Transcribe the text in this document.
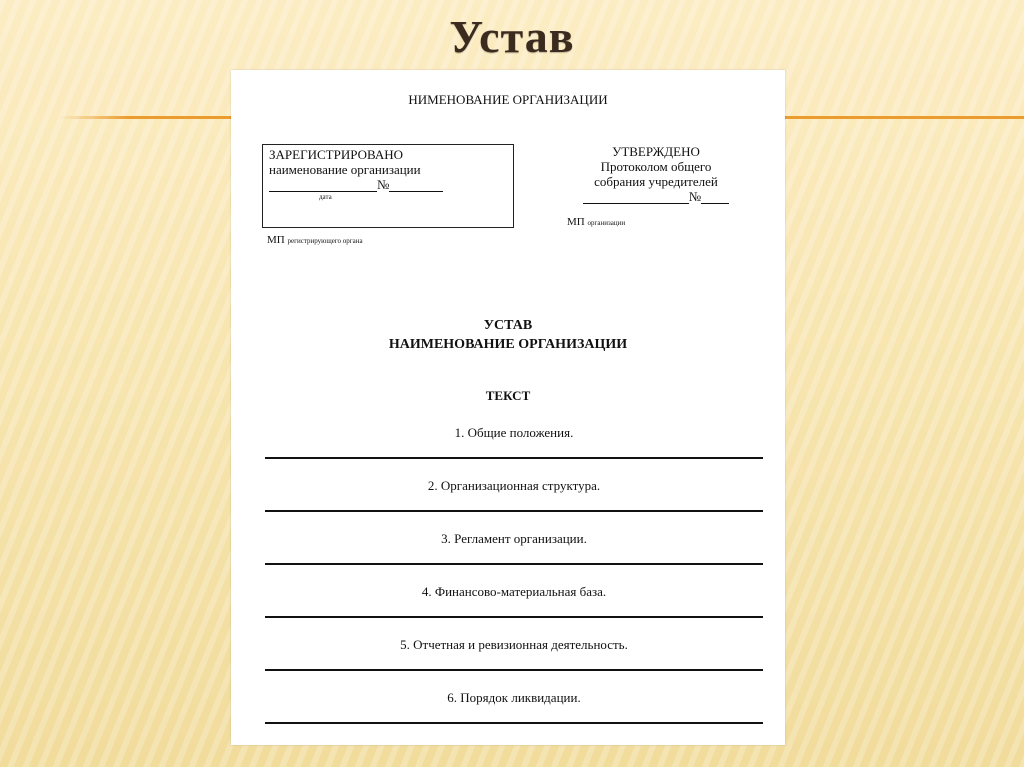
Устав
НИМЕНОВАНИЕ ОРГАНИЗАЦИИ
ЗАРЕГИСТРИРОВАНО
наименование организации
№
дата
МП регистрирующего органа
УТВЕРЖДЕНО
Протоколом общего
собрания учредителей
№
МП организации
УСТАВ
НАИМЕНОВАНИЕ ОРГАНИЗАЦИИ
ТЕКСТ
1. Общие положения.
2. Организационная структура.
3. Регламент организации.
4. Финансово-материальная база.
5. Отчетная и ревизионная деятельность.
6. Порядок ликвидации.
